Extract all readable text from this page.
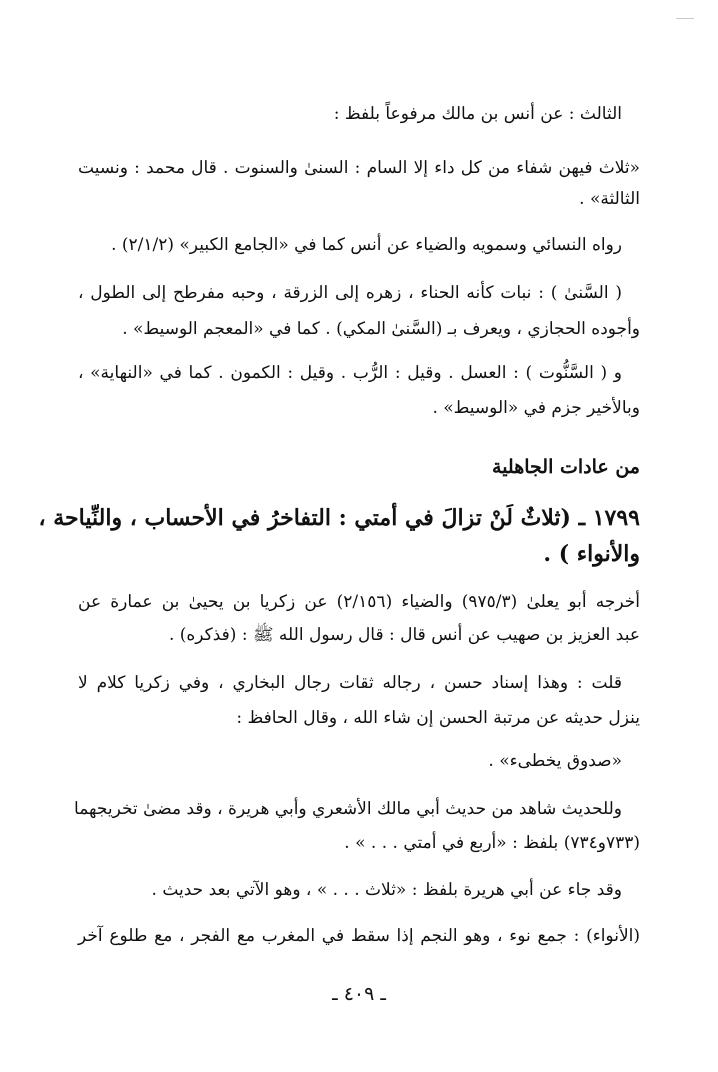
الثالث : عن أنس بن مالك مرفوعاً بلفظ :
«ثلاث فيهن شفاء من كل داء إلا السام : السنىٰ والسنوت . قال محمد : ونسيت
الثالثة» .
رواه النسائي وسمويه والضياء عن أنس كما في «الجامع الكبير» (٢/١/٢) .
( السَّنىٰ ) : نبات كأنه الحناء ، زهره إلى الزرقة ، وحبه مفرطح إلى الطول ،
وأجوده الحجازي ، ويعرف بـ (السَّنىٰ المكي) . كما في «المعجم الوسيط» .
و ( السَّنُّوت ) : العسل . وقيل : الرُّب . وقيل : الكمون . كما في «النهاية» ،
وبالأخير جزم في «الوسيط» .
من عادات الجاهلية
١٧٩٩ ـ (ثلاثٌ لَنْ تزالَ في أمتي : التفاخرُ في الأحساب ، والنِّياحة ،
والأنواء ) .
أخرجه أبو يعلىٰ (٩٧٥/٣) والضياء (٢/١٥٦) عن زكريا بن يحيىٰ بن عمارة عن
عبد العزيز بن صهيب عن أنس قال : قال رسول الله ﷺ : (فذكره) .
قلت : وهذا إسناد حسن ، رجاله ثقات رجال البخاري ، وفي زكريا كلام لا
ينزل حديثه عن مرتبة الحسن إن شاء الله ، وقال الحافظ :
«صدوق يخطىء» .
وللحديث شاهد من حديث أبي مالك الأشعري وأبي هريرة ، وقد مضىٰ تخريجهما
(٧٣٣و٧٣٤) بلفظ : «أربع في أمتي . . . » .
وقد جاء عن أبي هريرة بلفظ : «ثلاث . . . » ، وهو الآتي بعد حديث .
(الأنواء) : جمع نوء ، وهو النجم إذا سقط في المغرب مع الفجر ، مع طلوع آخر
ـ ٤٠٩ ـ
